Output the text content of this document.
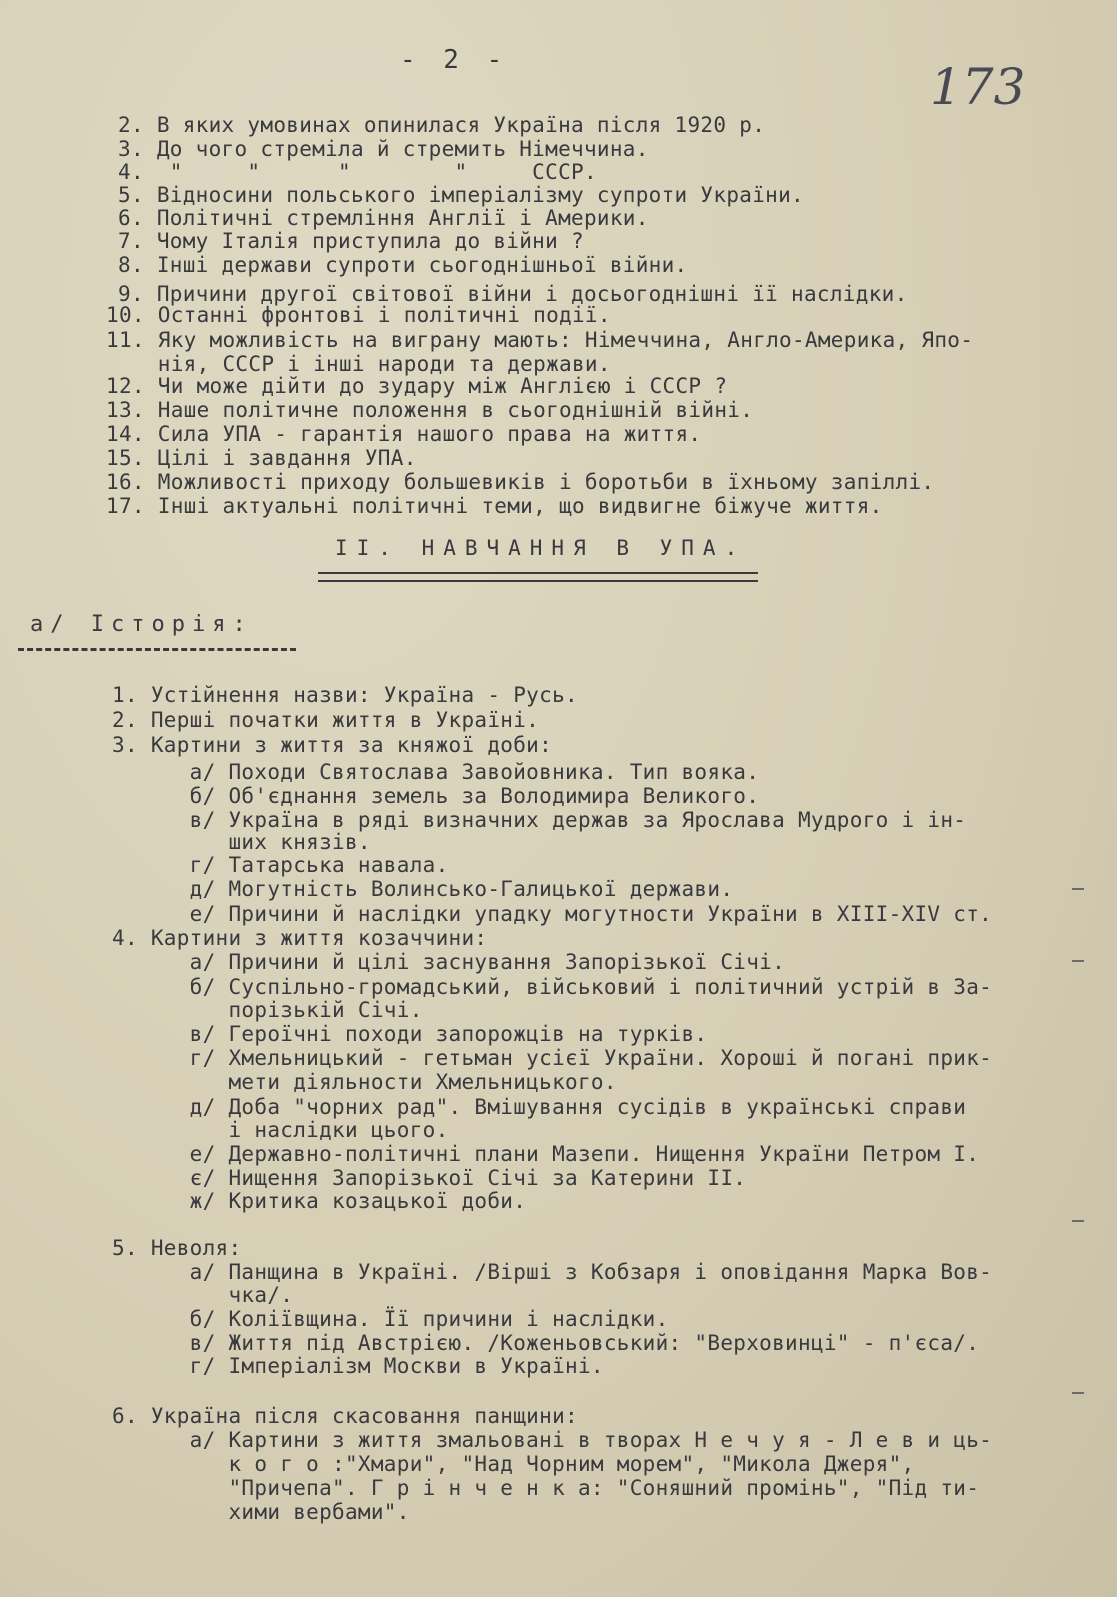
- 2 -	173
2. В яких умовинах опинилася Україна після 1920 р.
3. До чого стреміла й стремить Німеччина.
4.  "     "      "        "     СССР.
5. Відносини польського імперіалізму супроти України.
6. Політичні стремління Англії і Америки.
7. Чому Італія приступила до війни ?
8. Інші держави супроти сьогоднішньої війни.
9. Причини другої світової війни і досьогоднішні її наслідки.
10. Останні фронтові і політичні події.
11. Яку можливість на виграну мають: Німеччина, Англо-Америка, Япо-
нія, СССР і інші народи та держави.
12. Чи може дійти до зудару між Англією і СССР ?
13. Наше політичне положення в сьогоднішній війні.
14. Сила УПА - гарантія нашого права на життя.
15. Цілі і завдання УПА.
16. Можливості приходу большевиків і боротьби в їхньому запіллі.
17. Інші актуальні політичні теми, що видвигне біжуче життя.
ІІ. НАВЧАННЯ В УПА.
а/ Історія:
1. Устійнення назви: Україна - Русь.
2. Перші початки життя в Україні.
3. Картини з життя за княжої доби:
а/ Походи Святослава Завойовника. Тип вояка.
б/ Об'єднання земель за Володимира Великого.
в/ Україна в ряді визначних держав за Ярослава Мудрого і ін-
ших князів.
г/ Татарська навала.
д/ Могутність Волинсько-Галицької держави.
е/ Причини й наслідки упадку могутности України в ХІІІ-ХІV ст.
4. Картини з життя козаччини:
а/ Причини й цілі заснування Запорізької Січі.
б/ Суспільно-громадський, військовий і політичний устрій в За-
порізькій Січі.
в/ Героїчні походи запорожців на турків.
г/ Хмельницький - гетьман усієї України. Хороші й погані прик-
мети діяльности Хмельницького.
д/ Доба "чорних рад". Вмішування сусідів в українські справи
і наслідки цього.
е/ Державно-політичні плани Мазепи. Нищення України Петром І.
є/ Нищення Запорізької Січі за Катерини ІІ.
ж/ Критика козацької доби.
5. Неволя:
а/ Панщина в Україні. /Вірші з Кобзаря і оповідання Марка Вов-
чка/.
б/ Коліївщина. Її причини і наслідки.
в/ Життя під Австрією. /Коженьовський: "Верховинці" - п'єса/.
г/ Імперіалізм Москви в Україні.
6. Україна після скасовання панщини:
а/ Картини з життя змальовані в творах Н е ч у я - Л е в и ць-
к о г о :"Хмари", "Над Чорним морем", "Микола Джеря",
"Причепа". Г р і н ч е н к а: "Соняшний промінь", "Під ти-
хими вербами".
